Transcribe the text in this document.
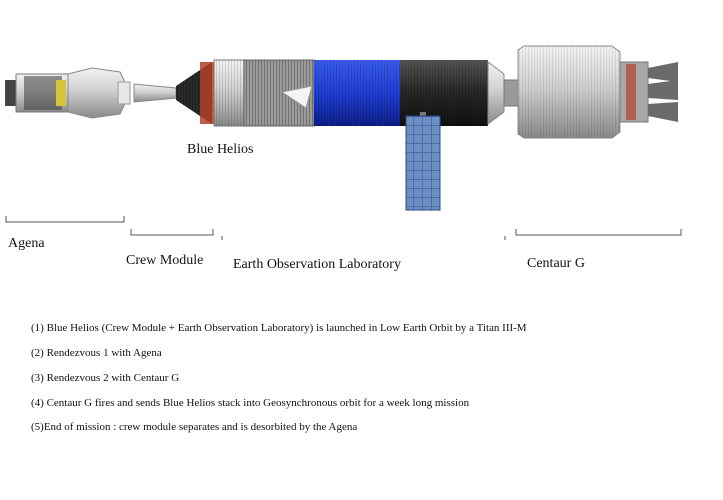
Blue Helios
Agena
Crew Module Earth Observation Laboratory	Centaur G
(1) Blue Helios (Crew Module + Earth Observation Laboratory) is launched in Low Earth Orbit by a Titan III-M
(2) Rendezvous 1 with Agena
(3) Rendezvous 2 with Centaur G
(4) Centaur G fires and sends Blue Helios stack into Geosynchronous orbit for a week long mission
(5)End of mission : crew module separates and is desorbited by the Agena
